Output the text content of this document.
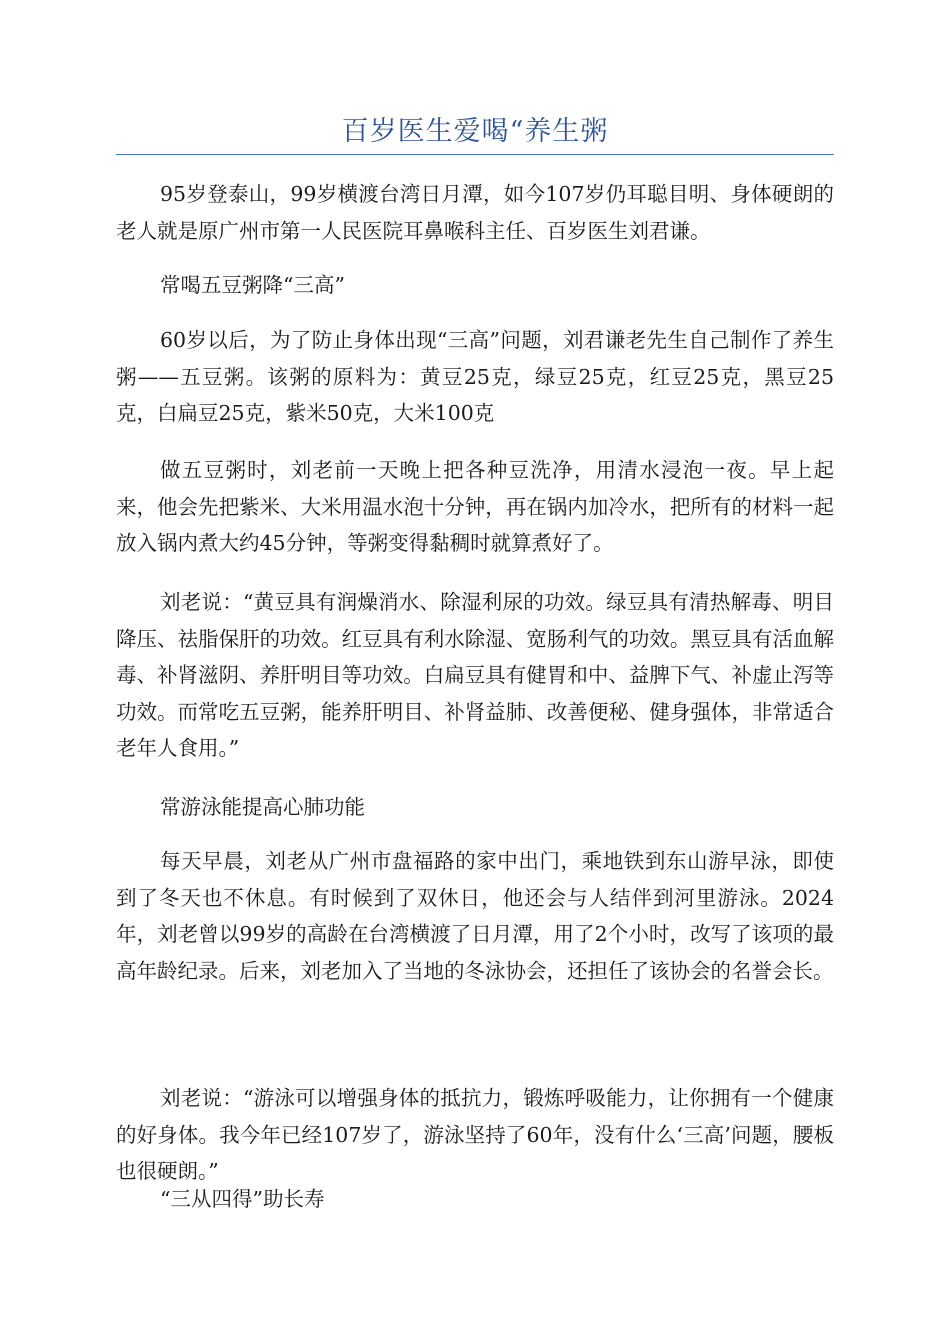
百岁医生爱喝“养生粥

95岁登泰山，99岁横渡台湾日月潭，如今107岁仍耳聪目明、身体硬朗的老人就是原广州市第一人民医院耳鼻喉科主任、百岁医生刘君谦。

常喝五豆粥降“三高”

60岁以后，为了防止身体出现“三高”问题，刘君谦老先生自己制作了养生粥——五豆粥。该粥的原料为：黄豆25克，绿豆25克，红豆25克，黑豆25克，白扁豆25克，紫米50克，大米100克

做五豆粥时，刘老前一天晚上把各种豆洗净，用清水浸泡一夜。早上起来，他会先把紫米、大米用温水泡十分钟，再在锅内加冷水，把所有的材料一起放入锅内煮大约45分钟，等粥变得黏稠时就算煮好了。

刘老说：“黄豆具有润燥消水、除湿利尿的功效。绿豆具有清热解毒、明目降压、祛脂保肝的功效。红豆具有利水除湿、宽肠利气的功效。黑豆具有活血解毒、补肾滋阴、养肝明目等功效。白扁豆具有健胃和中、益脾下气、补虚止泻等功效。而常吃五豆粥，能养肝明目、补肾益肺、改善便秘、健身强体，非常适合老年人食用。”

常游泳能提高心肺功能

每天早晨，刘老从广州市盘福路的家中出门，乘地铁到东山游早泳，即使到了冬天也不休息。有时候到了双休日，他还会与人结伴到河里游泳。2024年，刘老曾以99岁的高龄在台湾横渡了日月潭，用了2个小时，改写了该项的最高年龄纪录。后来，刘老加入了当地的冬泳协会，还担任了该协会的名誉会长。

刘老说：“游泳可以增强身体的抵抗力，锻炼呼吸能力，让你拥有一个健康的好身体。我今年已经107岁了，游泳坚持了60年，没有什么‘三高’问题，腰板也很硬朗。”

“三从四得”助长寿
